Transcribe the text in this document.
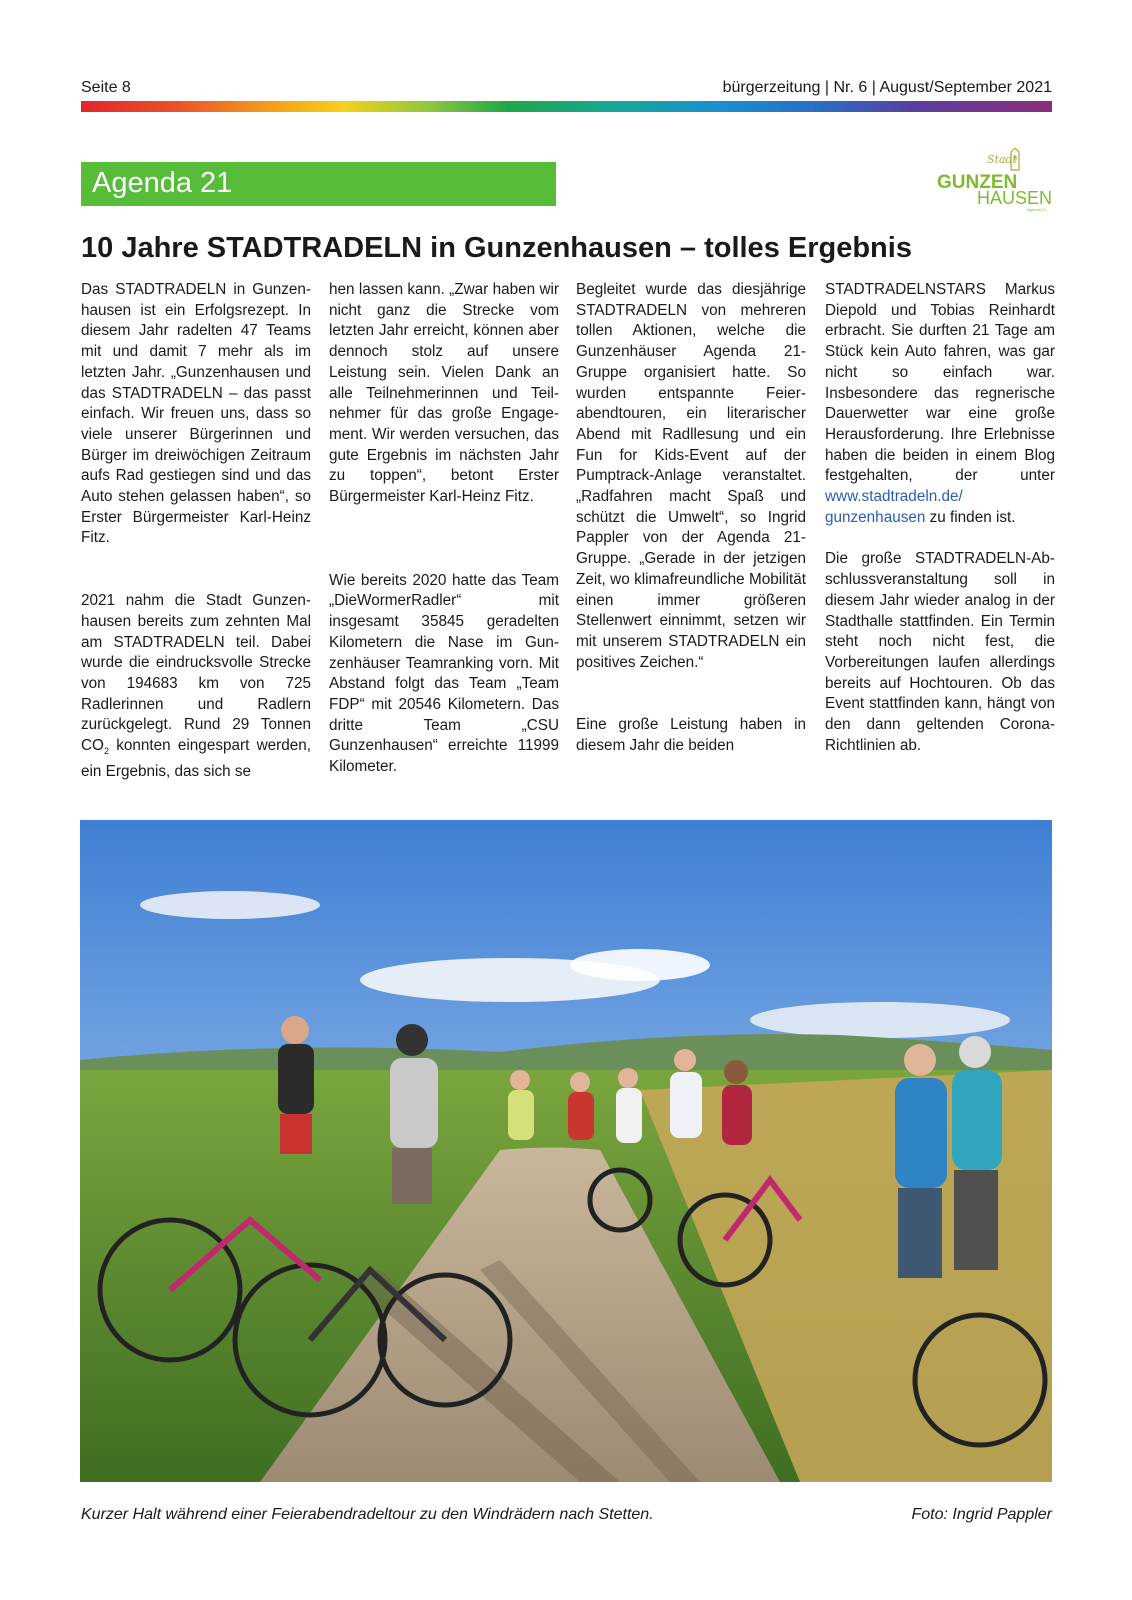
Seite 8	bürgerzeitung | Nr. 6 | August/September 2021
Agenda 21
Stadt
GUNZEN
HAUSEN
Agenda 21
10 Jahre STADTRADELN in Gunzenhausen – tolles Ergebnis

Das STADTRADELN in Gunzenhausen ist ein Erfolgsrezept. In diesem Jahr radelten 47 Teams mit und damit 7 mehr als im letzten Jahr. „Gunzenhausen und das STADTRADELN – das passt einfach. Wir freuen uns, dass so viele unserer Bürgerinnen und Bürger im dreiwöchigen Zeitraum aufs Rad gestiegen sind und das Auto stehen gelassen haben“, so Erster Bürgermeister Karl-Heinz Fitz.

2021 nahm die Stadt Gunzenhausen bereits zum zehnten Mal am STADTRADELN teil. Dabei wurde die eindrucksvolle Strecke von 194683 km von 725 Radlerinnen und Radlern zurückgelegt. Rund 29 Tonnen $CO_2$ konnten eingespart werden, ein Ergebnis, das sich se

hen lassen kann. „Zwar haben wir nicht ganz die Strecke vom letzten Jahr erreicht, können aber dennoch stolz auf unsere Leistung sein. Vielen Dank an alle Teilnehmerinnen und Teilnehmer für das große Engagement. Wir werden versuchen, das gute Ergebnis im nächsten Jahr zu toppen“, betont Erster Bürgermeister Karl-Heinz Fitz.

Wie bereits 2020 hatte das Team „DieWormerRadler“ mit insgesamt 35845 geradelten Kilometern die Nase im Gunzenhäuser Teamranking vorn. Mit Abstand folgt das Team „Team FDP“ mit 20546 Kilometern. Das dritte Team „CSU Gunzenhausen“ erreichte 11999 Kilometer.

Begleitet wurde das diesjährige STADTRADELN von mehreren tollen Aktionen, welche die Gunzenhäuser Agenda 21-Gruppe organisiert hatte. So wurden entspannte Feierabendtouren, ein literarischer Abend mit Radllesung und ein Fun for Kids-Event auf der Pumptrack-Anlage veranstaltet. „Radfahren macht Spaß und schützt die Umwelt“, so Ingrid Pappler von der Agenda 21-Gruppe. „Gerade in der jetzigen Zeit, wo klimafreundliche Mobilität einen immer größeren Stellenwert einnimmt, setzen wir mit unserem STADTRADELN ein positives Zeichen.“

Eine große Leistung haben in diesem Jahr die beiden

STADTRADELNSTARS Markus Diepold und Tobias Reinhardt erbracht. Sie durften 21 Tage am Stück kein Auto fahren, was gar nicht so einfach war. Insbesondere das regnerische Dauerwetter war eine große Herausforderung. Ihre Erlebnisse haben die beiden in einem Blog festgehalten, der unter www.stadtradeln.de/ gunzenhausen zu finden ist.

Die große STADTRADELN-Abschlussveranstaltung soll in diesem Jahr wieder analog in der Stadthalle stattfinden. Ein Termin steht noch nicht fest, die Vorbereitungen laufen allerdings bereits auf Hochtouren. Ob das Event stattfinden kann, hängt von den dann geltenden Corona-Richtlinien ab.

Kurzer Halt während einer Feierabendradeltour zu den Windrädern nach Stetten.	Foto: Ingrid Pappler
